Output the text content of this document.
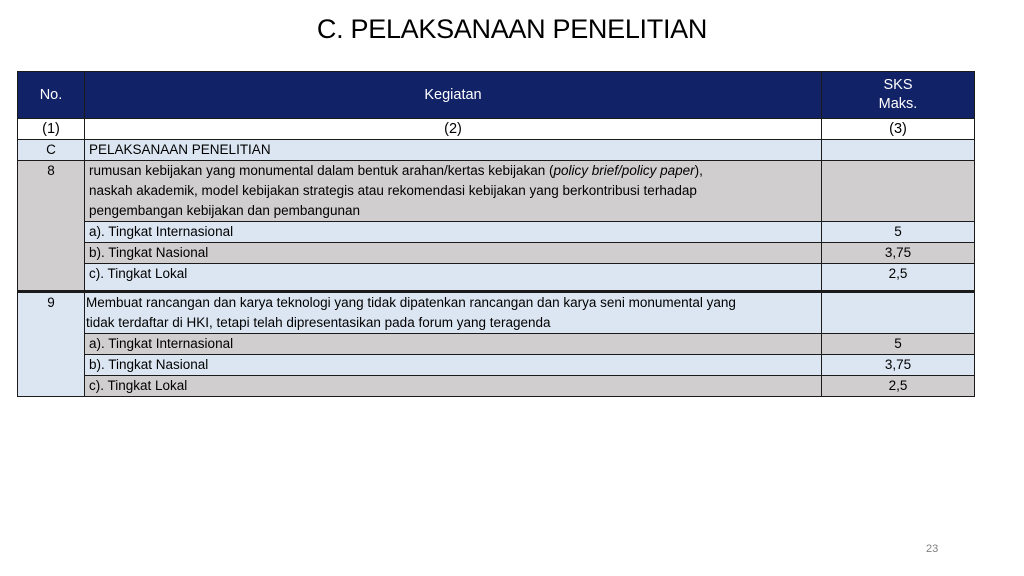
C. PELAKSANAAN PENELITIAN
No.	Kegiatan	SKS
Maks.

(1)	(2)	(3)
C	PELAKSANAAN PENELITIAN	
8	rumusan kebijakan yang monumental dalam bentuk arahan/kertas kebijakan (policy brief/policy paper),
naskah akademik, model kebijakan strategis atau rekomendasi kebijakan yang berkontribusi terhadap
pengembangan kebijakan dan pembangunan	
	a). Tingkat Internasional	5
	b). Tingkat Nasional	3,75
	c). Tingkat Lokal	2,5
9	Membuat rancangan dan karya teknologi yang tidak dipatenkan rancangan dan karya seni monumental yang
tidak terdaftar di HKI, tetapi telah dipresentasikan pada forum yang teragenda	
	a). Tingkat Internasional	5
	b). Tingkat Nasional	3,75
	c). Tingkat Lokal	2,5
23
